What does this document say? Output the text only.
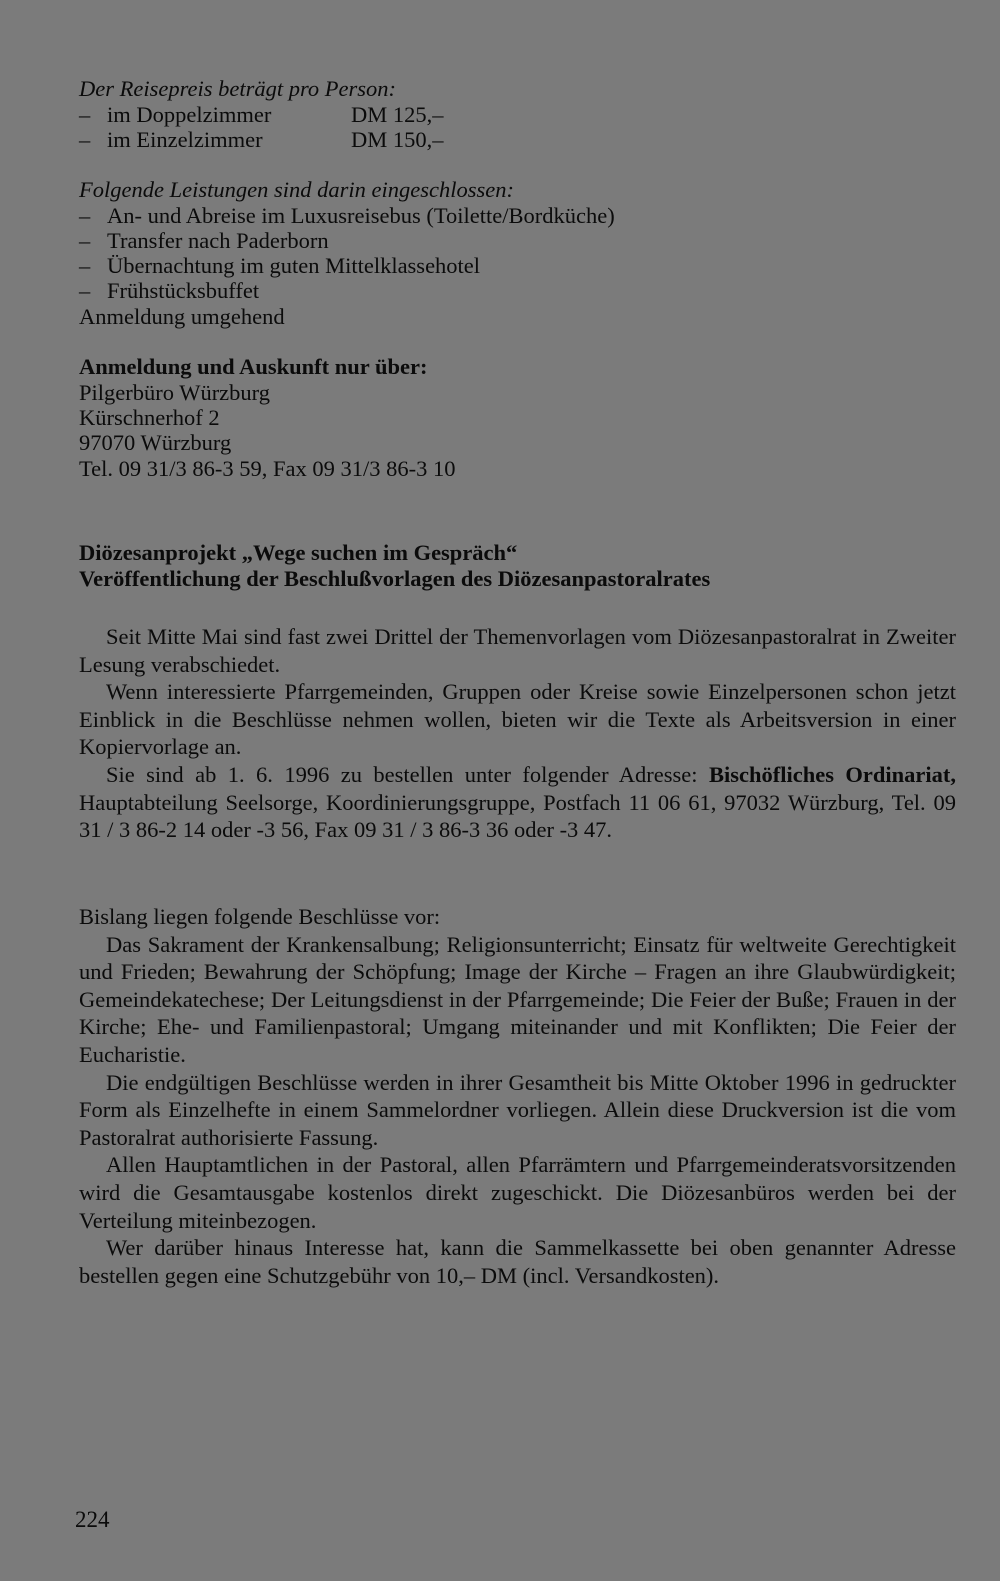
Der Reisepreis beträgt pro Person:
– im Doppelzimmer	DM 125,–
– im Einzelzimmer	DM 150,–
Folgende Leistungen sind darin eingeschlossen:
– An- und Abreise im Luxusreisebus (Toilette/Bordküche)
– Transfer nach Paderborn
– Übernachtung im guten Mittelklassehotel
– Frühstücksbuffet
Anmeldung umgehend
Anmeldung und Auskunft nur über:
Pilgerbüro Würzburg
Kürschnerhof 2
97070 Würzburg
Tel. 09 31/3 86-3 59, Fax 09 31/3 86-3 10
Diözesanprojekt „Wege suchen im Gespräch“
Veröffentlichung der Beschlußvorlagen des Diözesanpastoralrates

Seit Mitte Mai sind fast zwei Drittel der Themenvorlagen vom Diözesanpastoralrat in Zweiter Lesung verabschiedet.

Wenn interessierte Pfarrgemeinden, Gruppen oder Kreise sowie Einzelpersonen schon jetzt Einblick in die Beschlüsse nehmen wollen, bieten wir die Texte als Arbeitsversion in einer Kopiervorlage an.

Sie sind ab 1. 6. 1996 zu bestellen unter folgender Adresse: Bischöfliches Ordinariat, Hauptabteilung Seelsorge, Koordinierungsgruppe, Postfach 11 06 61, 97032 Würzburg, Tel. 09 31 / 3 86-2 14 oder -3 56, Fax 09 31 / 3 86-3 36 oder -3 47.

Bislang liegen folgende Beschlüsse vor:

Das Sakrament der Krankensalbung; Religionsunterricht; Einsatz für weltweite Gerechtigkeit und Frieden; Bewahrung der Schöpfung; Image der Kirche – Fragen an ihre Glaubwürdigkeit; Gemeindekatechese; Der Leitungsdienst in der Pfarrgemeinde; Die Feier der Buße; Frauen in der Kirche; Ehe- und Familienpastoral; Umgang miteinander und mit Konflikten; Die Feier der Eucharistie.

Die endgültigen Beschlüsse werden in ihrer Gesamtheit bis Mitte Oktober 1996 in gedruckter Form als Einzelhefte in einem Sammelordner vorliegen. Allein diese Druckversion ist die vom Pastoralrat authorisierte Fassung.

Allen Hauptamtlichen in der Pastoral, allen Pfarrämtern und Pfarrgemeinderatsvorsitzenden wird die Gesamtausgabe kostenlos direkt zugeschickt. Die Diözesanbüros werden bei der Verteilung miteinbezogen.

Wer darüber hinaus Interesse hat, kann die Sammelkassette bei oben genannter Adresse bestellen gegen eine Schutzgebühr von 10,– DM (incl. Versandkosten).

224
